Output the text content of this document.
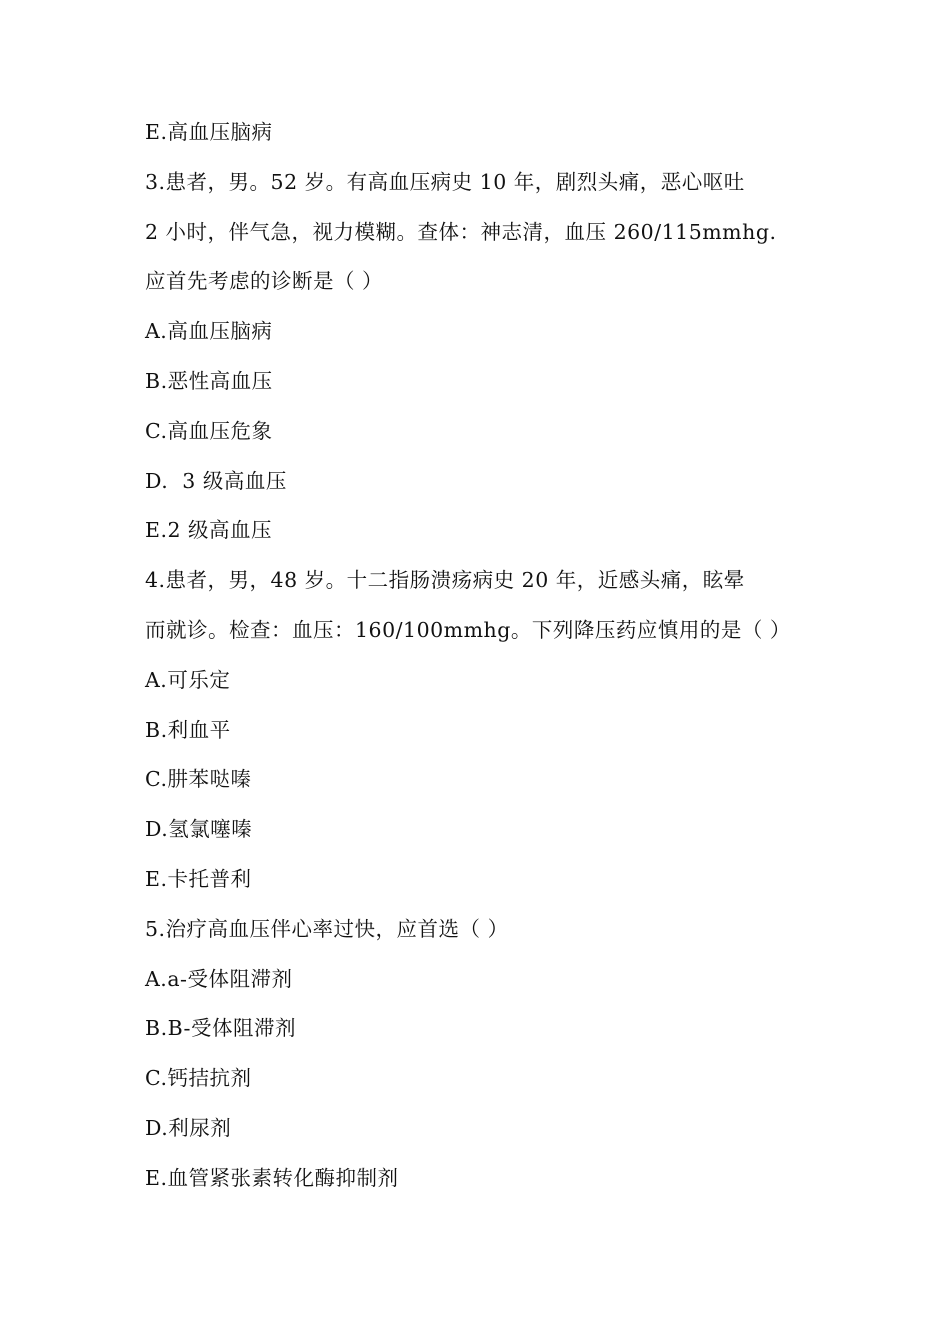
E.高血压脑病
3.患者，男。52 岁。有高血压病史 10 年，剧烈头痛，恶心呕吐
2 小时，伴气急，视力模糊。查体：神志清，血压 260/115mmhg.
应首先考虑的诊断是（ ）
A.高血压脑病
B.恶性高血压
C.高血压危象
D.  3 级高血压
E.2 级高血压
4.患者，男，48 岁。十二指肠溃疡病史 20 年，近感头痛，眩晕
而就诊。检查：血压：160/100mmhg。下列降压药应慎用的是（ ）
A.可乐定
B.利血平
C.肼苯哒嗪
D.氢氯噻嗪
E.卡托普利
5.治疗高血压伴心率过快，应首选（ ）
A.a-受体阻滞剂
B.B-受体阻滞剂
C.钙拮抗剂
D.利尿剂
E.血管紧张素转化酶抑制剂
